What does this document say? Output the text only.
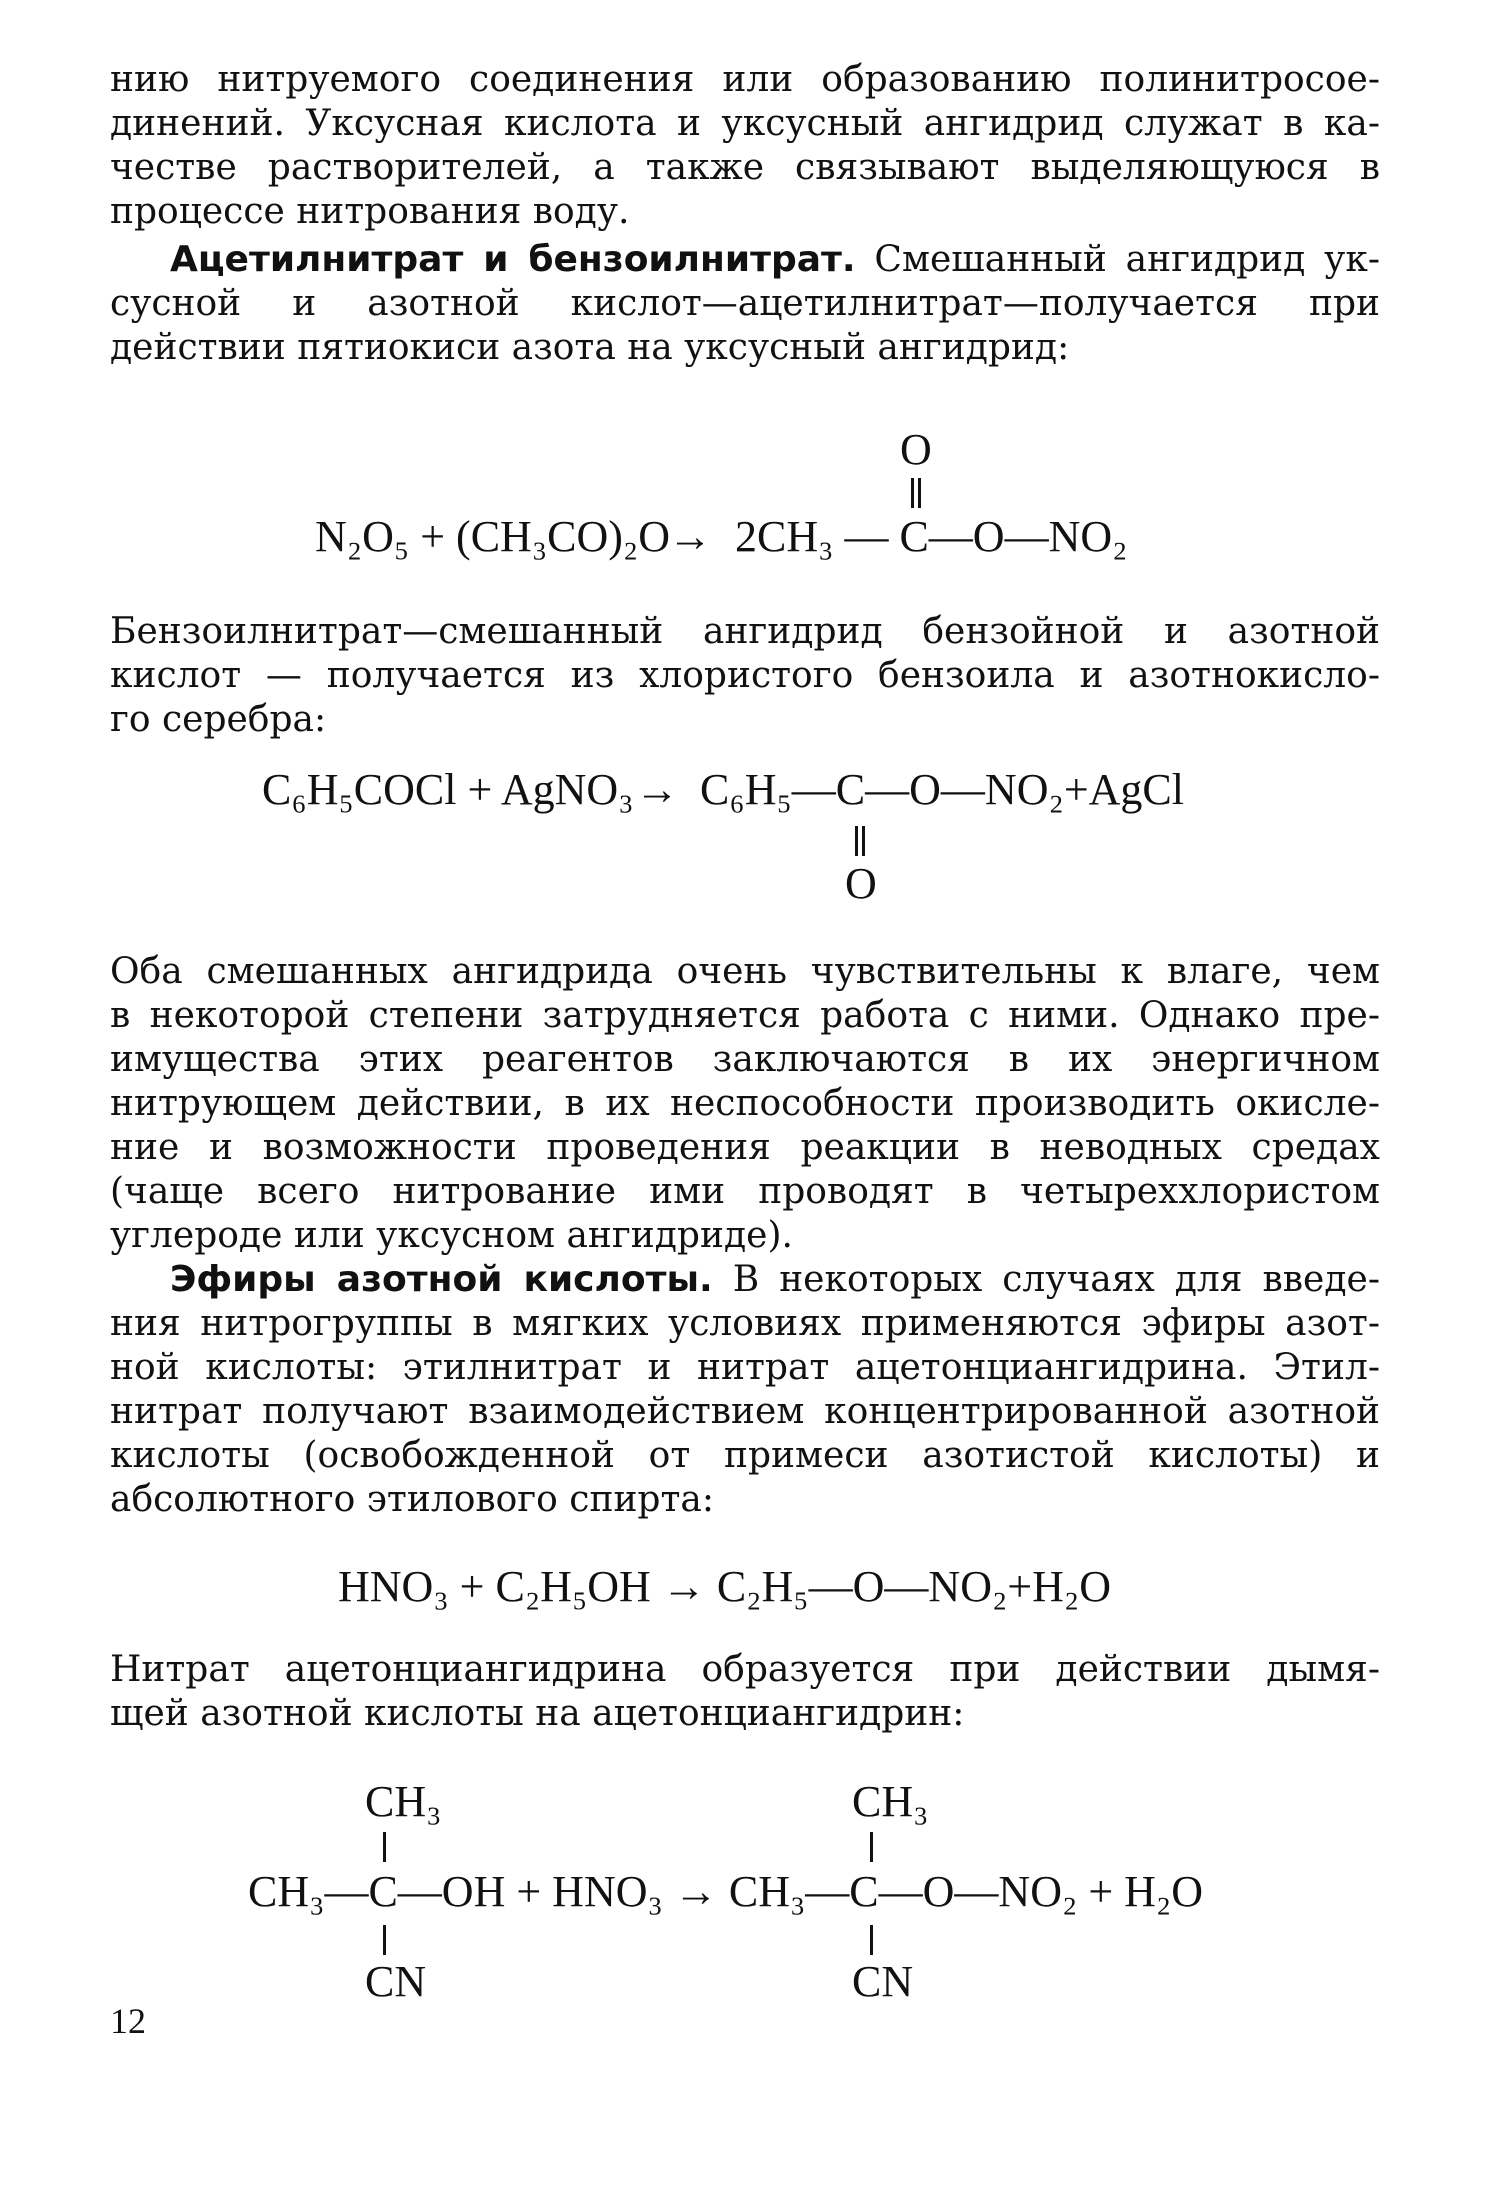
нию нитруемого соединения или образованию полинитросое-
динений. Уксусная кислота и уксусный ангидрид служат в ка-
честве растворителей, а также связывают выделяющуюся в
процессе нитрования воду.
Ацетилнитрат и бензоилнитрат. Смешанный ангидрид ук-
сусной и азотной кислот—ацетилнитрат—получается при
действии пятиокиси азота на уксусный ангидрид:
O
N₂O₅ + (CH₃CO)₂O
→ 2CH₃ — C—O—NO₂
Бензоилнитрат—смешанный ангидрид бензойной и азотной
кислот — получается из хлористого бензоила и азотнокисло-
го серебра:
C₆H₅COCl + AgNO₃ → C₆H₅—C—O—NO₂+AgCl
O
Оба смешанных ангидрида очень чувствительны к влаге, чем
в некоторой степени затрудняется работа с ними. Однако пре-
имущества этих реагентов заключаются в их энергичном
нитрующем действии, в их неспособности производить окисле-
ние и возможности проведения реакции в неводных средах
(чаще всего нитрование ими проводят в четыреххлористом
углероде или уксусном ангидриде).
Эфиры азотной кислоты. В некоторых случаях для введе-
ния нитрогруппы в мягких условиях применяются эфиры азот-
ной кислоты: этилнитрат и нитрат ацетонциангидрина. Этил-
нитрат получают взаимодействием концентрированной азотной
кислоты (освобожденной от примеси азотистой кислоты) и
абсолютного этилового спирта:
HNO₃ + C₂H₅OH → C₂H₅—O—NO₂+H₂O
Нитрат ацетонциангидрина образуется при действии дымя-
щей азотной кислоты на ацетонциангидрин:
CH₃	CH₃
CH₃—C—OH + HNO₃ → CH₃—C—O—NO₂ + H₂O
CN	CN
12
